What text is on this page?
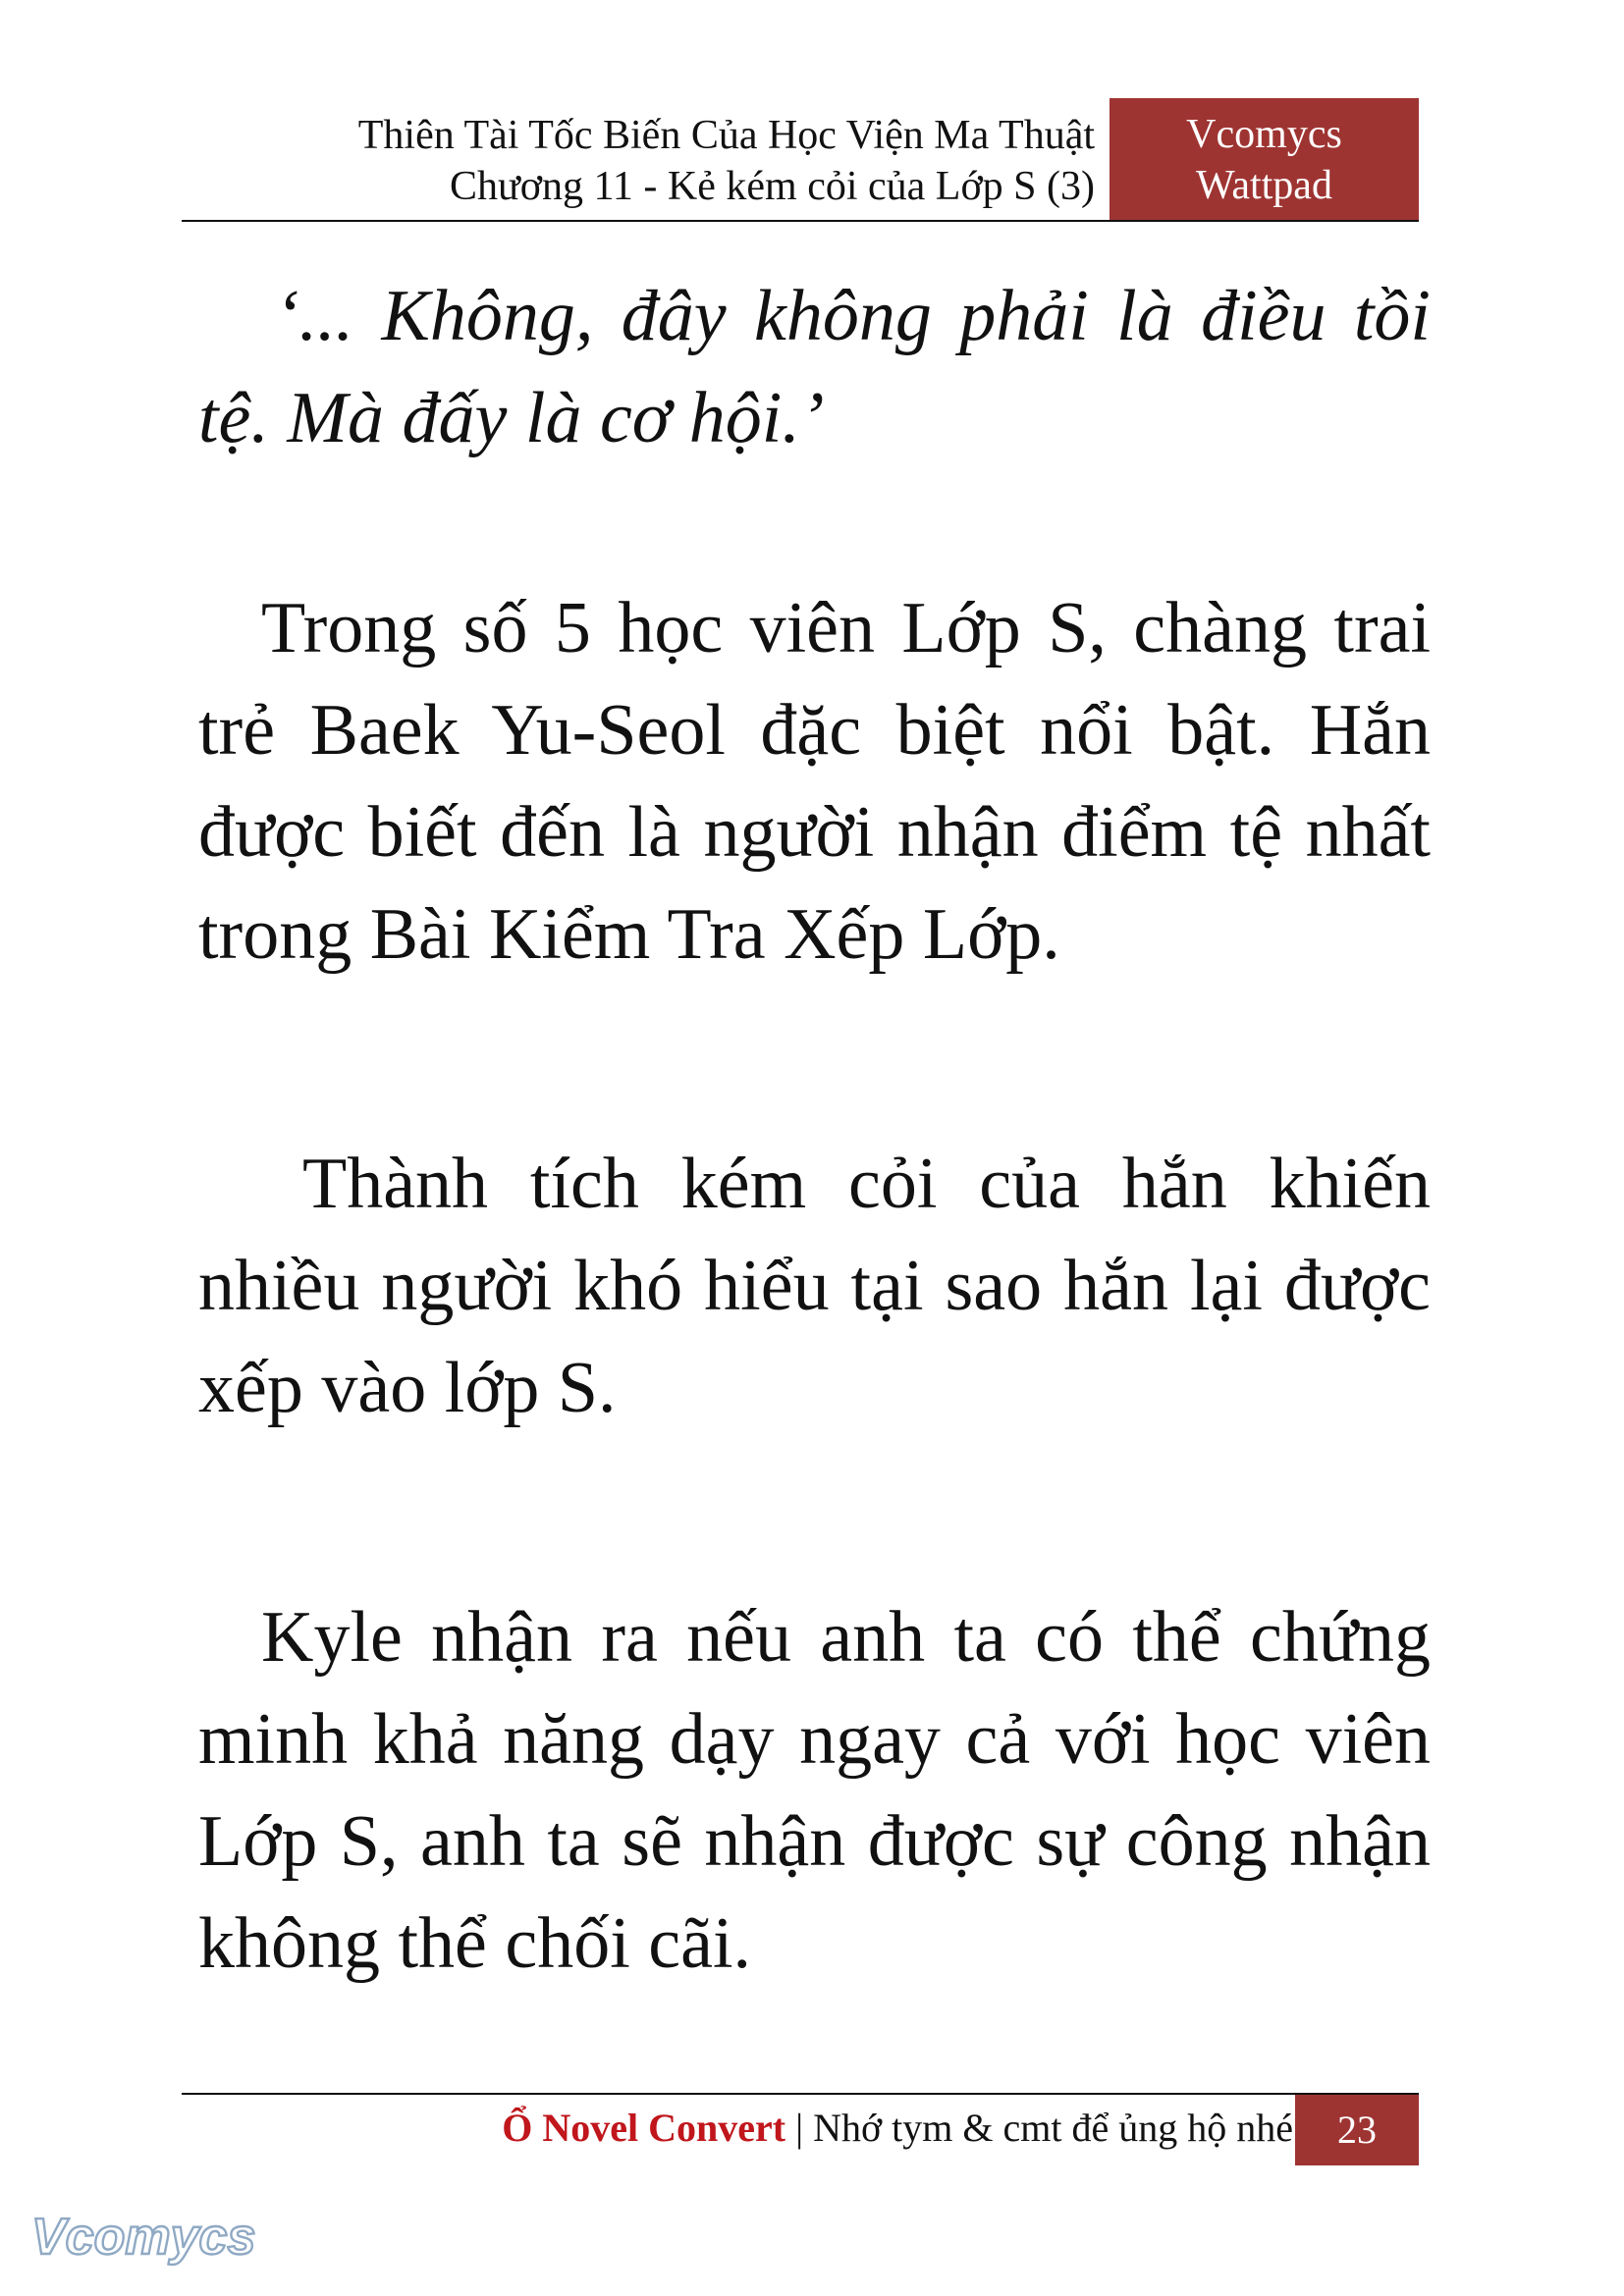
Thiên Tài Tốc Biến Của Học Viện Ma Thuật
Chương 11 - Kẻ kém cỏi của Lớp S (3)
Vcomycs
Wattpad

‘... Không, đây không phải là điều tồi tệ. Mà đấy là cơ hội.’

Trong số 5 học viên Lớp S, chàng trai trẻ Baek Yu-Seol đặc biệt nổi bật. Hắn được biết đến là người nhận điểm tệ nhất trong Bài Kiểm Tra Xếp Lớp.

Thành tích kém cỏi của hắn khiến nhiều người khó hiểu tại sao hắn lại được xếp vào lớp S.

Kyle nhận ra nếu anh ta có thể chứng minh khả năng dạy ngay cả với học viên Lớp S, anh ta sẽ nhận được sự công nhận không thể chối cãi.

Ổ Novel Convert | Nhớ tym & cmt để ủng hộ nhé	23
Vcomycs
